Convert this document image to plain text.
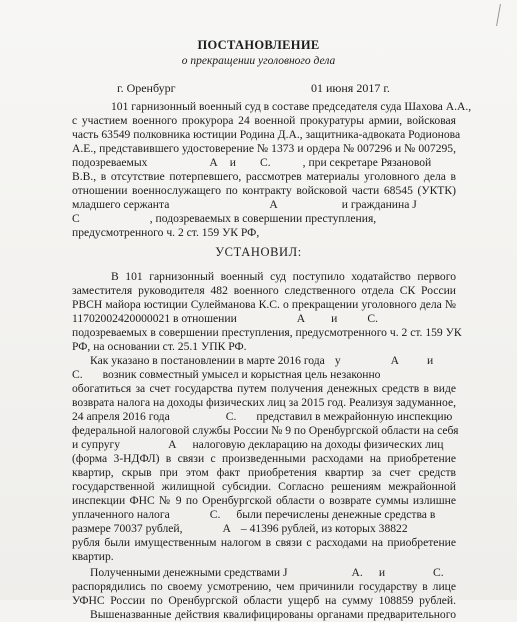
ПОСТАНОВЛЕНИЕ
о прекращении уголовного дела
г. Оренбург	01 июня 2017 г.
101 гарнизонный военный суд в составе председателя суда Шахова А.А.,
с участием военного прокурора 24 военной прокуратуры армии, войсковая
часть 63549 полковника юстиции Родина Д.А., защитника-адвоката Родионова
А.Е., представившего удостоверение № 1373 и ордера № 007296 и № 007295,
подозреваемых	А и С.	, при секретаре Рязановой
В.В., в отсутствие потерпевшего, рассмотрев материалы уголовного дела в
отношении военнослужащего по контракту войсковой части 68545 (УКТК)
младшего сержанта	А	и гражданина Ј
С	, подозреваемых в совершении преступления,
предусмотренного ч. 2 ст. 159 УК РФ,
УСТАНОВИЛ:
В 101 гарнизонный военный суд поступило ходатайство первого
заместителя руководителя 482 военного следственного отдела СК России
РВСН майора юстиции Сулейманова К.С. о прекращении уголовного дела №
11702002420000021 в отношении	А и	С.
подозреваемых в совершении преступления, предусмотренного ч. 2 ст. 159 УК
РФ, на основании ст. 25.1 УПК РФ.
Как указано в постановлении в марте 2016 года у	А и
С. возник совместный умысел и корыстная цель незаконно
обогатиться за счет государства путем получения денежных средств в виде
возврата налога на доходы физических лиц за 2015 год. Реализуя задуманное,
24 апреля 2016 года	С. представил в межрайонную инспекцию
федеральной налоговой службы России № 9 по Оренбургской области на себя
и супругу	А налоговую декларацию на доходы физических лиц
(форма 3-НДФЛ) в связи с произведенными расходами на приобретение
квартир, скрыв при этом факт приобретения квартир за счет средств
государственной жилищной субсидии. Согласно решениям межрайонной
инспекции ФНС № 9 по Оренбургской области о возврате суммы излишне
уплаченного налога	С. были перечислены денежные средства в
размере 70037 рублей,	А – 41396 рублей, из которых 38822
рубля были имущественным налогом в связи с расходами на приобретение
квартир.
Полученными денежными средствами Ј	А. и	С.
распорядились по своему усмотрению, чем причинили государству в лице
УФНС России по Оренбургской области ущерб на сумму 108859 рублей.
Вышеназванные действия квалифицированы органами предварительного
